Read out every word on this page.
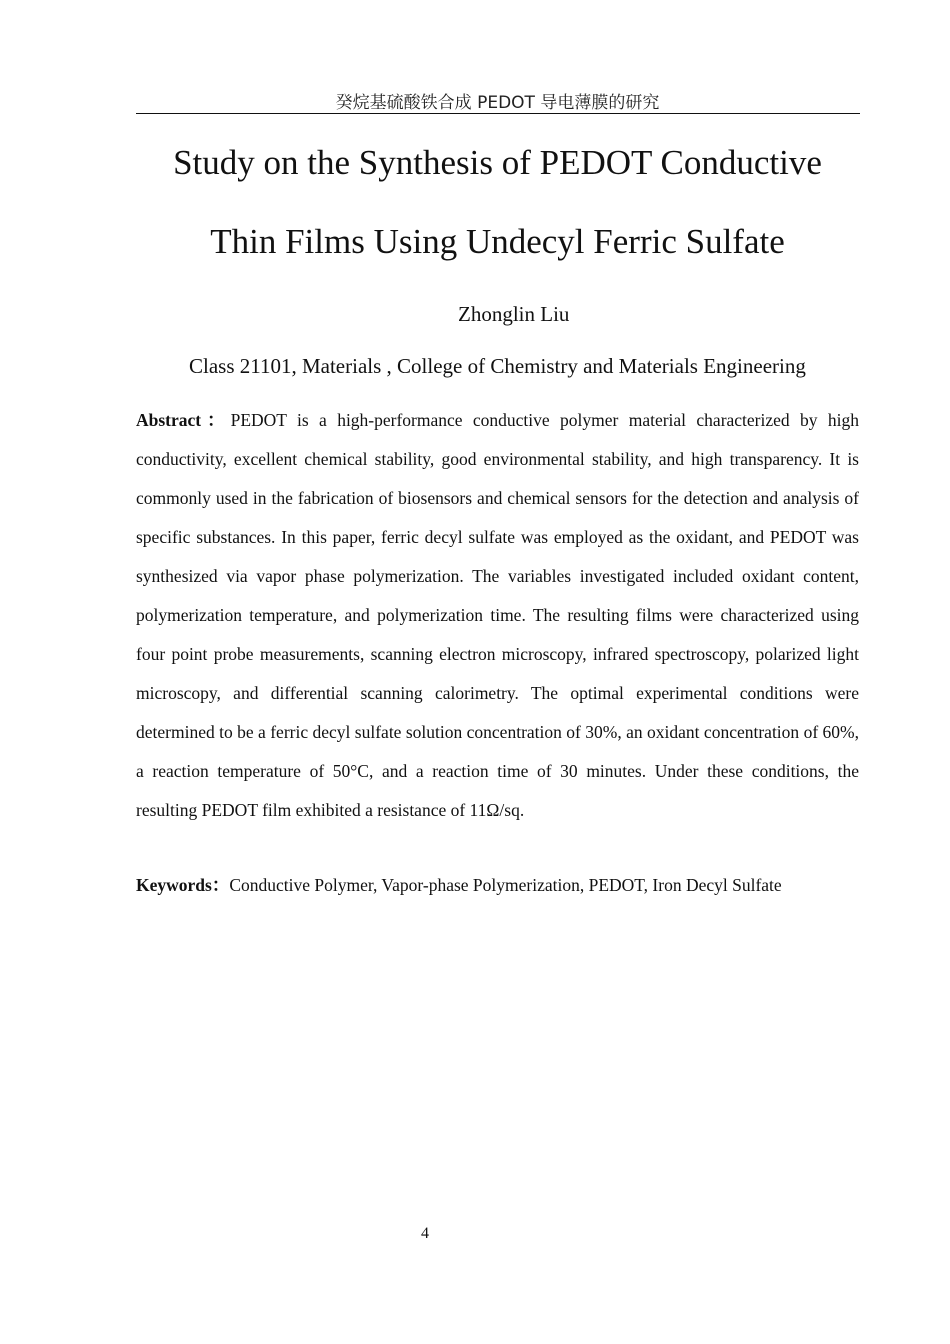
癸烷基硫酸铁合成 PEDOT 导电薄膜的研究
Study on the Synthesis of PEDOT Conductive
Thin Films Using Undecyl Ferric Sulfate
Zhonglin Liu
Class 21101, Materials , College of Chemistry and Materials Engineering

Abstract：PEDOT is a high-performance conductive polymer material characterized by high conductivity, excellent chemical stability, good environmental stability, and high transparency. It is commonly used in the fabrication of biosensors and chemical sensors for the detection and analysis of specific substances. In this paper, ferric decyl sulfate was employed as the oxidant, and PEDOT was synthesized via vapor phase polymerization. The variables investigated included oxidant content, polymerization temperature, and polymerization time. The resulting films were characterized using four point probe measurements, scanning electron microscopy, infrared spectroscopy, polarized light microscopy, and differential scanning calorimetry. The optimal experimental conditions were determined to be a ferric decyl sulfate solution concentration of 30%, an oxidant concentration of 60%, a reaction temperature of 50°C, and a reaction time of 30 minutes. Under these conditions, the resulting PEDOT film exhibited a resistance of 11Ω/sq.

Keywords：Conductive Polymer, Vapor-phase Polymerization, PEDOT, Iron Decyl Sulfate

4
